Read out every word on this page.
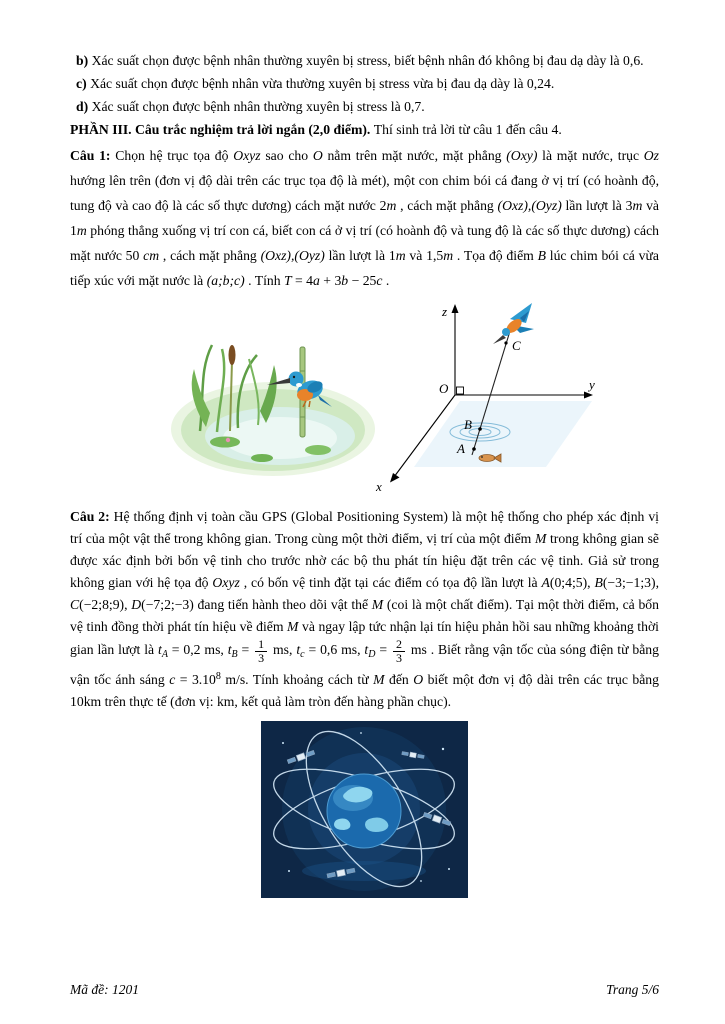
b) Xác suất chọn được bệnh nhân thường xuyên bị stress, biết bệnh nhân đó không bị đau dạ dày là 0,6.

c) Xác suất chọn được bệnh nhân vừa thường xuyên bị stress vừa bị đau dạ dày là 0,24.

d) Xác suất chọn được bệnh nhân thường xuyên bị stress là 0,7.

PHẦN III. Câu trắc nghiệm trả lời ngắn (2,0 điểm). Thí sinh trả lời từ câu 1 đến câu 4.

Câu 1: Chọn hệ trục tọa độ Oxyz sao cho O nằm trên mặt nước, mặt phẳng (Oxy) là mặt nước, trục Oz hướng lên trên (đơn vị độ dài trên các trục tọa độ là mét), một con chim bói cá đang ở vị trí (có hoành độ, tung độ và cao độ là các số thực dương) cách mặt nước 2m , cách mặt phẳng (Oxz),(Oyz) lần lượt là 3m và 1m phóng thẳng xuống vị trí con cá, biết con cá ở vị trí (có hoành độ và tung độ là các số thực dương) cách mặt nước 50 cm , cách mặt phẳng (Oxz),(Oyz) lần lượt là 1m và 1,5m . Tọa độ điểm B lúc chim bói cá vừa tiếp xúc với mặt nước là (a;b;c) . Tính T = 4a + 3b − 25c .

z
y
x
O
C
B
A

Câu 2: Hệ thống định vị toàn cầu GPS (Global Positioning System) là một hệ thống cho phép xác định vị trí của một vật thể trong không gian. Trong cùng một thời điểm, vị trí của một điểm M trong không gian sẽ được xác định bởi bốn vệ tinh cho trước nhờ các bộ thu phát tín hiệu đặt trên các vệ tinh. Giả sử trong không gian với hệ tọa độ Oxyz , có bốn vệ tinh đặt tại các điểm có tọa độ lần lượt là A(0;4;5), B(−3;−1;3), C(−2;8;9), D(−7;2;−3) đang tiến hành theo dõi vật thể M (coi là một chất điểm). Tại một thời điểm, cả bốn vệ tinh đồng thời phát tín hiệu về điểm M và ngay lập tức nhận lại tín hiệu phản hồi sau những khoảng thời gian lần lượt là $t_A = 0,2$ ms, $t_B = \frac{1}{3}$ ms, $t_c = 0,6$ ms, $t_D = \frac{2}{3}$ ms . Biết rằng vận tốc của sóng điện từ bằng vận tốc ánh sáng $c = 3.10^8$ m/s. Tính khoảng cách từ M đến O biết một đơn vị độ dài trên các trục bằng 10km trên thực tế (đơn vị: km, kết quả làm tròn đến hàng phần chục).

Mã đề: 1201	Trang 5/6
